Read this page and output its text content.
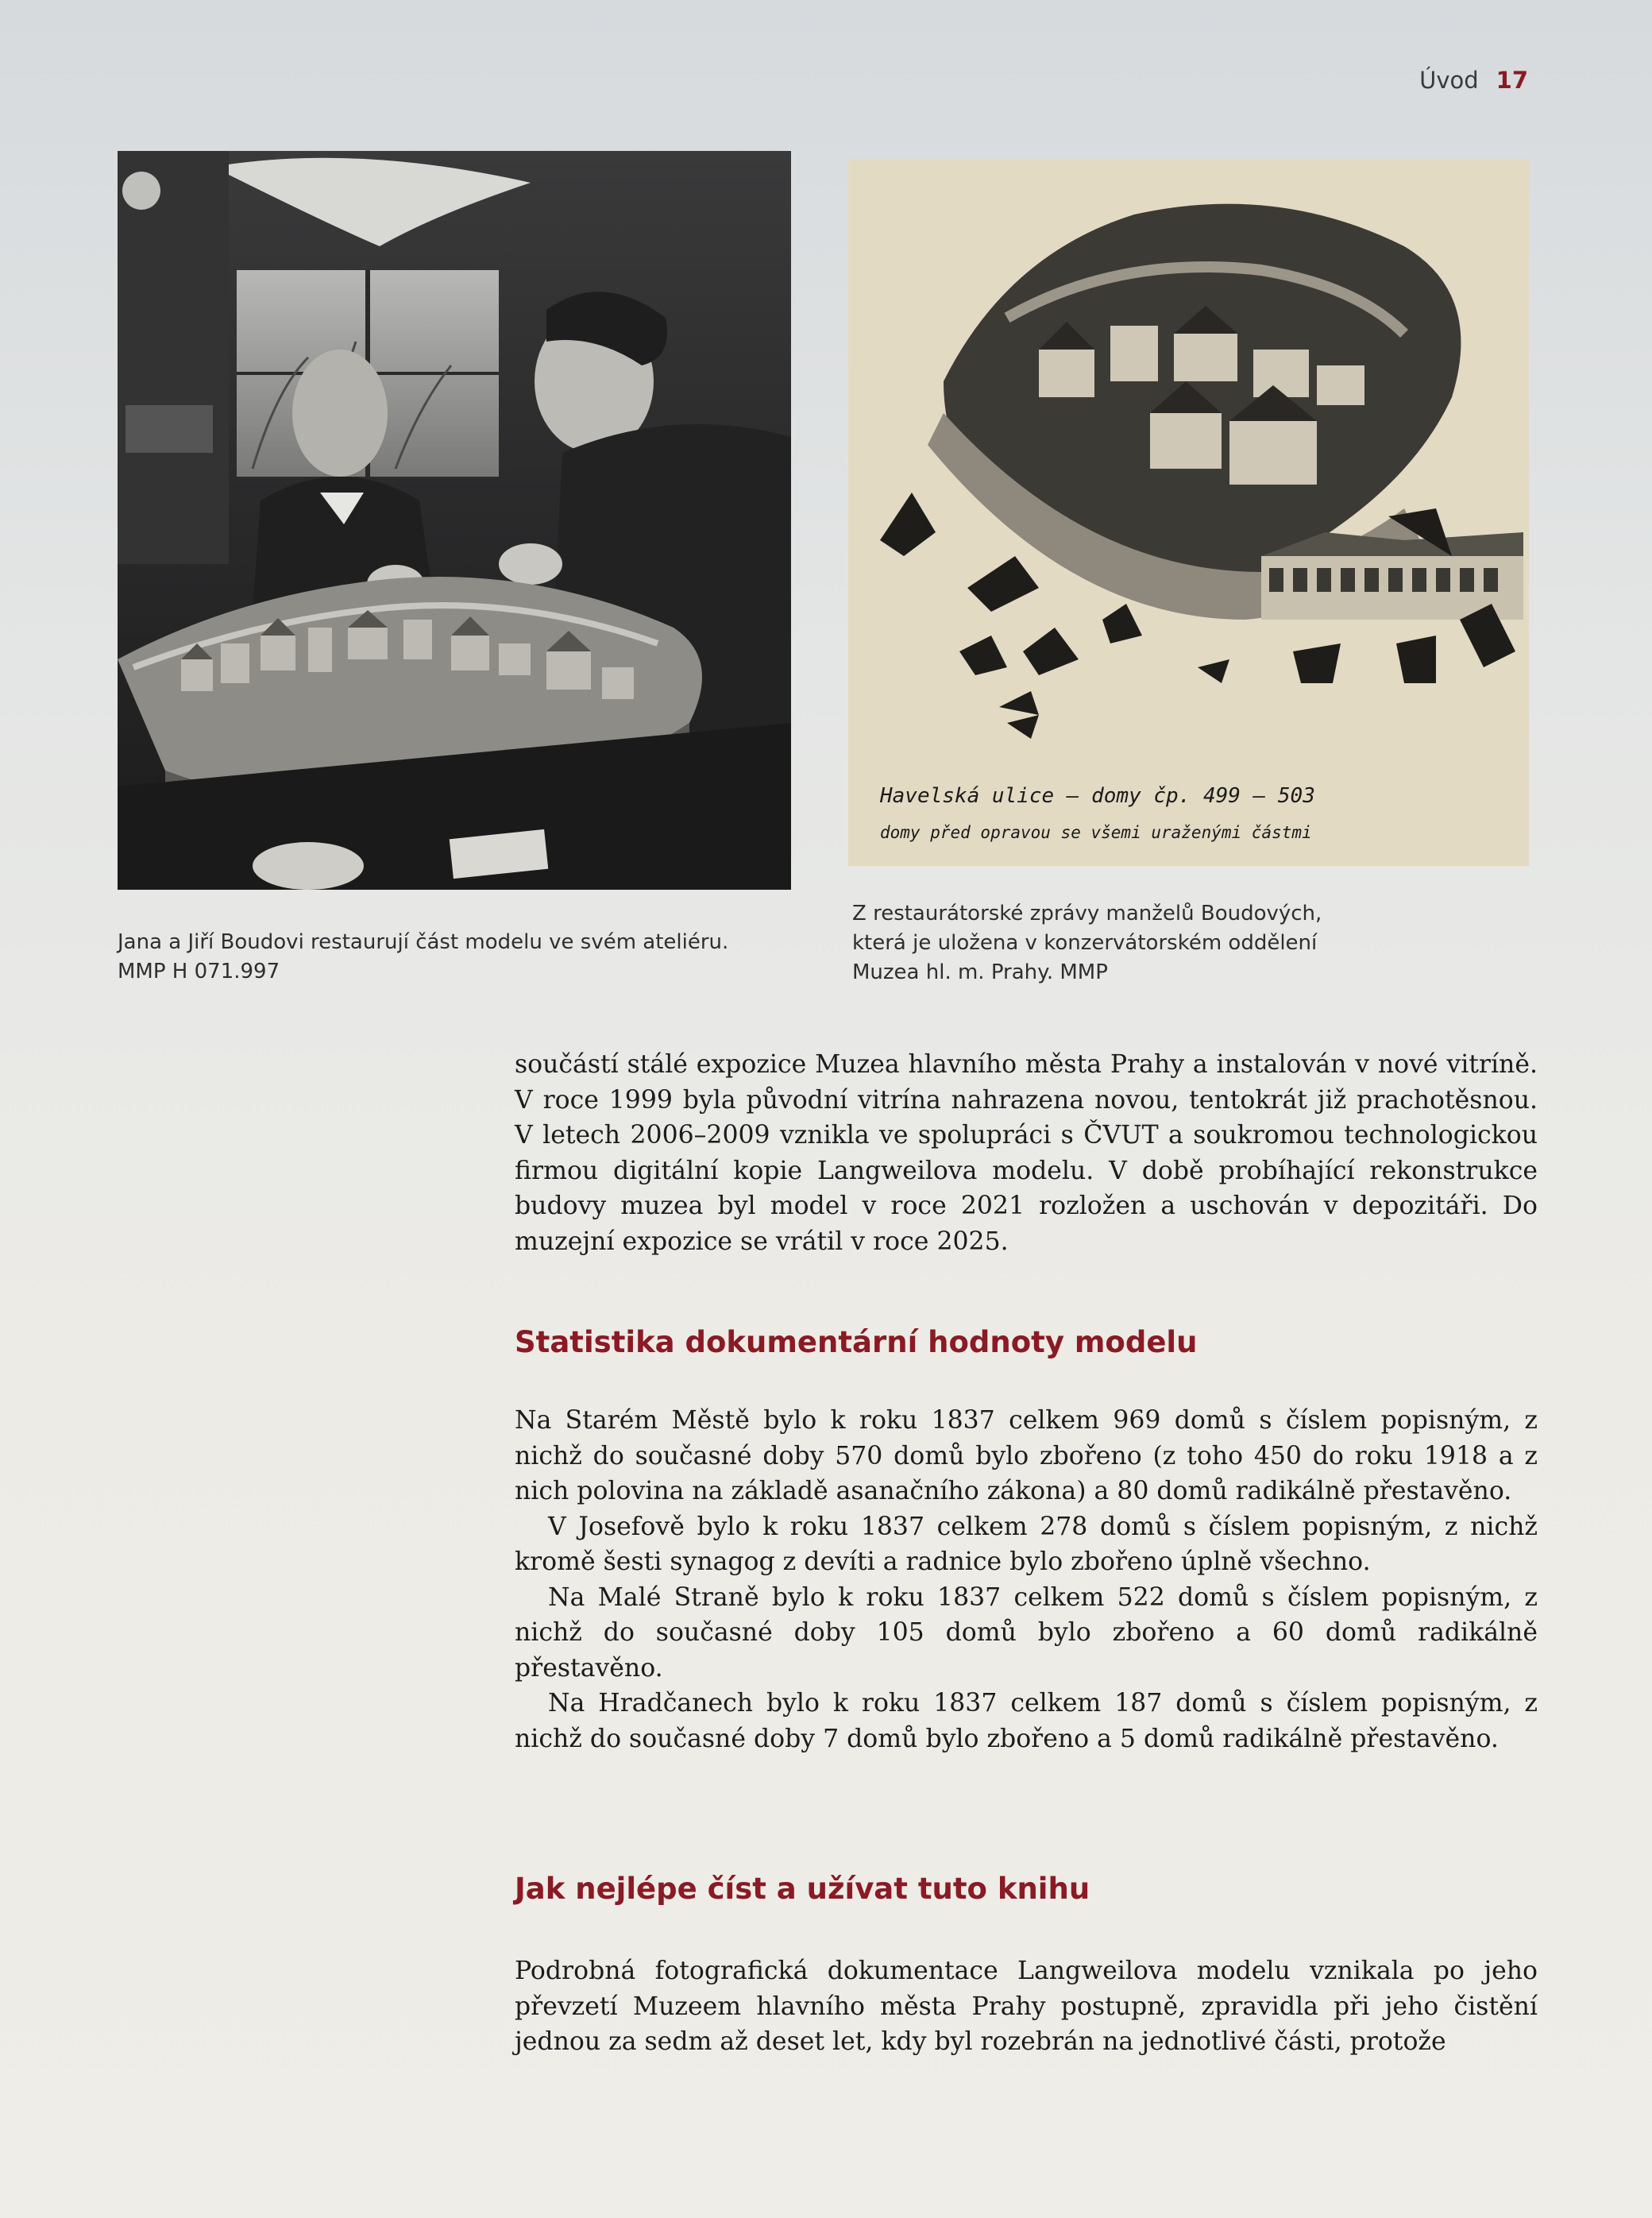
Úvod 17
Havelská ulice – domy čp. 499 – 503
domy před opravou se všemi uraženými částmi
Jana a Jiří Boudovi restaurují část modelu ve svém ateliéru.
MMP H 071.997
Z restaurátorské zprávy manželů Boudových,
která je uložena v konzervátorském oddělení
Muzea hl. m. Prahy. MMP

součástí stálé expozice Muzea hlavního města Prahy a instalován v nové vitríně. V roce 1999 byla původní vitrína nahrazena novou, tentokrát již prachotěsnou. V letech 2006–2009 vznikla ve spolupráci s ČVUT a soukromou technologickou firmou digitální kopie Langweilova modelu. V době probíhající rekonstrukce budovy muzea byl model v roce 2021 rozložen a uschován v depozitáři. Do muzejní expozice se vrátil v roce 2025.

Statistika dokumentární hodnoty modelu

Na Starém Městě bylo k roku 1837 celkem 969 domů s číslem popisným, z nichž do současné doby 570 domů bylo zbořeno (z toho 450 do roku 1918 a z nich polovina na základě asanačního zákona) a 80 domů radikálně přestavěno.

V Josefově bylo k roku 1837 celkem 278 domů s číslem popisným, z nichž kromě šesti synagog z devíti a radnice bylo zbořeno úplně všechno.

Na Malé Straně bylo k roku 1837 celkem 522 domů s číslem popisným, z nichž do současné doby 105 domů bylo zbořeno a 60 domů radikálně přestavěno.

Na Hradčanech bylo k roku 1837 celkem 187 domů s číslem popisným, z nichž do současné doby 7 domů bylo zbořeno a 5 domů radikálně přestavěno.

Jak nejlépe číst a užívat tuto knihu

Podrobná fotografická dokumentace Langweilova modelu vznikala po jeho převzetí Muzeem hlavního města Prahy postupně, zpravidla při jeho čistění jednou za sedm až deset let, kdy byl rozebrán na jednotlivé části, protože
